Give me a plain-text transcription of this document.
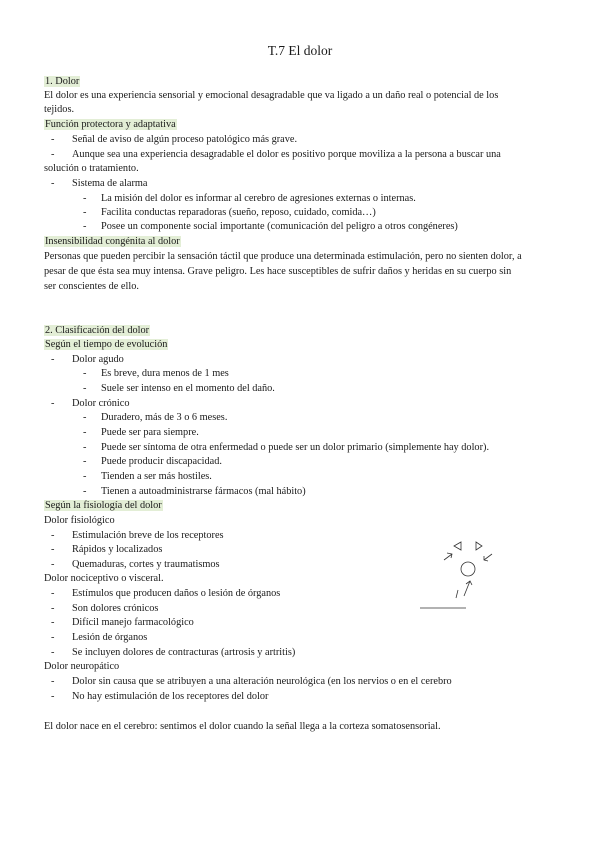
T.7 El dolor
1. Dolor
El dolor es una experiencia sensorial y emocional desagradable que va ligado a un daño real o potencial de los
tejidos.
Función protectora y adaptativa
- Señal de aviso de algún proceso patológico más grave.
- Aunque sea una experiencia desagradable el dolor es positivo porque moviliza a la persona a buscar una
solución o tratamiento.
- Sistema de alarma
- La misión del dolor es informar al cerebro de agresiones externas o internas.
- Facilita conductas reparadoras (sueño, reposo, cuidado, comida…)
- Posee un componente social importante (comunicación del peligro a otros congéneres)
Insensibilidad congénita al dolor
Personas que pueden percibir la sensación táctil que produce una determinada estimulación, pero no sienten dolor, a
pesar de que ésta sea muy intensa. Grave peligro. Les hace susceptibles de sufrir daños y heridas en su cuerpo sin
ser conscientes de ello.
2. Clasificación del dolor
Según el tiempo de evolución
- Dolor agudo
- Es breve, dura menos de 1 mes
- Suele ser intenso en el momento del daño.
- Dolor crónico
- Duradero, más de 3 o 6 meses.
- Puede ser para siempre.
- Puede ser síntoma de otra enfermedad o puede ser un dolor primario (simplemente hay dolor).
- Puede producir discapacidad.
- Tienden a ser más hostiles.
- Tienen a autoadministrarse fármacos (mal hábito)
Según la fisiología del dolor
Dolor fisiológico
- Estimulación breve de los receptores
- Rápidos y localizados
- Quemaduras, cortes y traumatismos
Dolor nociceptivo o visceral.
- Estímulos que producen daños o lesión de órganos
- Son dolores crónicos
- Difícil manejo farmacológico
- Lesión de órganos
- Se incluyen dolores de contracturas (artrosis y artritis)
Dolor neuropático
- Dolor sin causa que se atribuyen a una alteración neurológica (en los nervios o en el cerebro
- No hay estimulación de los receptores del dolor
El dolor nace en el cerebro: sentimos el dolor cuando la señal llega a la corteza somatosensorial.
